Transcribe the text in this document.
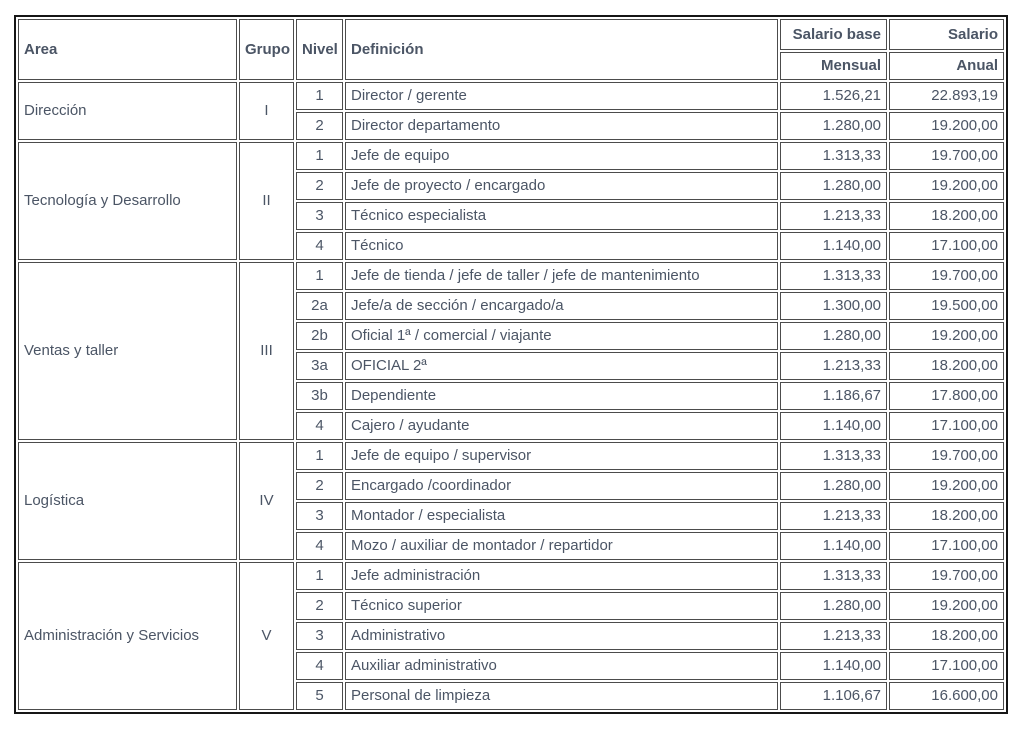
Area	Grupo	Nivel	Definición	Salario base	Salario
				Mensual	Anual
Dirección	I	1	Director / gerente	1.526,21	22.893,19
		2	Director departamento	1.280,00	19.200,00
Tecnología y Desarrollo	II	1	Jefe de equipo	1.313,33	19.700,00
		2	Jefe de proyecto / encargado	1.280,00	19.200,00
		3	Técnico especialista	1.213,33	18.200,00
		4	Técnico	1.140,00	17.100,00
Ventas y taller	III	1	Jefe de tienda / jefe de taller / jefe de mantenimiento	1.313,33	19.700,00
		2a	Jefe/a de sección / encargado/a	1.300,00	19.500,00
		2b	Oficial 1ª / comercial / viajante	1.280,00	19.200,00
		3a	OFICIAL 2ª	1.213,33	18.200,00
		3b	Dependiente	1.186,67	17.800,00
		4	Cajero / ayudante	1.140,00	17.100,00
Logística	IV	1	Jefe de equipo / supervisor	1.313,33	19.700,00
		2	Encargado /coordinador	1.280,00	19.200,00
		3	Montador / especialista	1.213,33	18.200,00
		4	Mozo / auxiliar de montador / repartidor	1.140,00	17.100,00
Administración y Servicios	V	1	Jefe administración	1.313,33	19.700,00
		2	Técnico superior	1.280,00	19.200,00
		3	Administrativo	1.213,33	18.200,00
		4	Auxiliar administrativo	1.140,00	17.100,00
		5	Personal de limpieza	1.106,67	16.600,00
